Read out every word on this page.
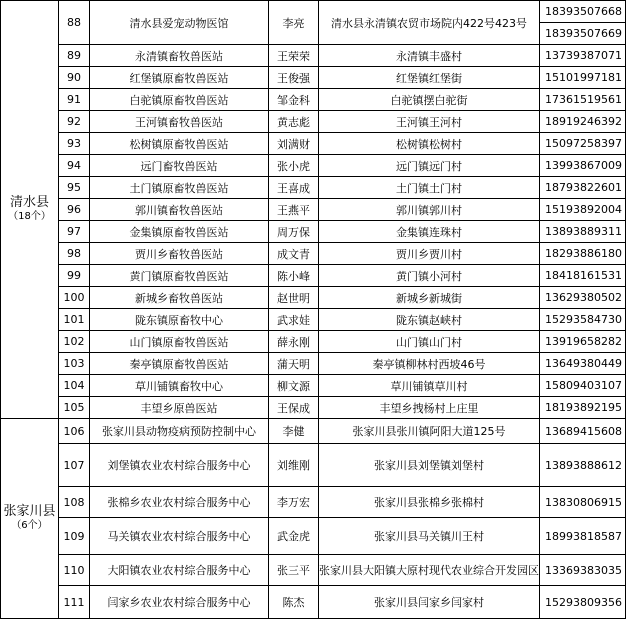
清水县
（18个）	88	清水县爱宠动物医馆	李亮	清水县永清镇农贸市场院内422号423号	18393507668
					18393507669
	89	永清镇畜牧兽医站	王荣荣	永清镇丰盛村	13739387071
	90	红堡镇原畜牧兽医站	王俊强	红堡镇红堡街	15101997181
	91	白驼镇原畜牧兽医站	邹金科	白驼镇摆白驼街	17361519561
	92	王河镇畜牧兽医站	黄志彪	王河镇王河村	18919246392
	93	松树镇原畜牧兽医站	刘满财	松树镇松树村	15097258397
	94	远门畜牧兽医站	张小虎	远门镇远门村	13993867009
	95	土门镇原畜牧兽医站	王喜成	土门镇土门村	18793822601
	96	郭川镇畜牧兽医站	王燕平	郭川镇郭川村	15193892004
	97	金集镇原畜牧兽医站	周万保	金集镇连珠村	13893889311
	98	贾川乡畜牧兽医站	成文青	贾川乡贾川村	18293886180
	99	黄门镇原畜牧兽医站	陈小峰	黄门镇小河村	18418161531
	100	新城乡畜牧兽医站	赵世明	新城乡新城街	13629380502
	101	陇东镇原畜牧中心	武求娃	陇东镇赵峡村	15293584730
	102	山门镇原畜牧兽医站	薛永刚	山门镇山门村	13919658282
	103	秦亭镇原畜牧兽医站	蒲天明	秦亭镇柳林村西坡46号	13649380449
	104	草川铺镇畜牧中心	柳文源	草川铺镇草川村	15809403107
	105	丰望乡原兽医站	王保成	丰望乡拽杨村上庄里	18193892195

张家川县
（6个）	106	张家川县动物疫病预防控制中心	李健	张家川县张川镇阿阳大道125号	13689415608
	107	刘堡镇农业农村综合服务中心	刘维刚	张家川县刘堡镇刘堡村	13893888612
	108	张棉乡农业农村综合服务中心	李万宏	张家川县张棉乡张棉村	13830806915
	109	马关镇农业农村综合服务中心	武金虎	张家川县马关镇川王村	18993818587
	110	大阳镇农业农村综合服务中心	张三平	张家川县大阳镇大原村现代农业综合开发园区	13369383035
	111	闫家乡农业农村综合服务中心	陈杰	张家川县闫家乡闫家村	15293809356
